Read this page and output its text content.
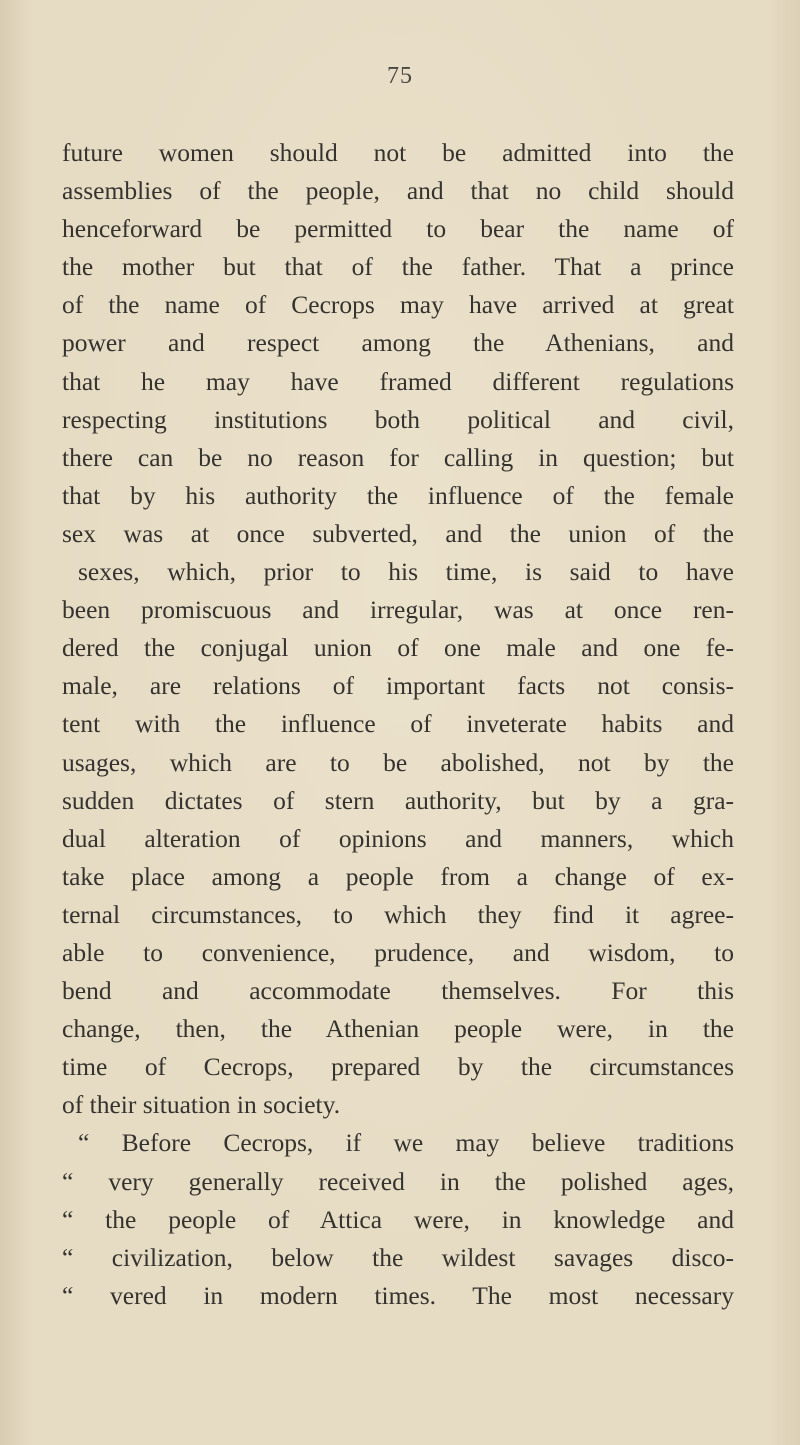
75
future women should not be admitted into the
assemblies of the people, and that no child should
henceforward be permitted to bear the name of
the mother but that of the father. That a prince
of the name of Cecrops may have arrived at great
power and respect among the Athenians, and
that he may have framed different regulations
respecting institutions both political and civil,
there can be no reason for calling in question; but
that by his authority the influence of the female
sex was at once subverted, and the union of the
sexes, which, prior to his time, is said to have
been promiscuous and irregular, was at once ren-
dered the conjugal union of one male and one fe-
male, are relations of important facts not consis-
tent with the influence of inveterate habits and
usages, which are to be abolished, not by the
sudden dictates of stern authority, but by a gra-
dual alteration of opinions and manners, which
take place among a people from a change of ex-
ternal circumstances, to which they find it agree-
able to convenience, prudence, and wisdom, to
bend and accommodate themselves. For this
change, then, the Athenian people were, in the
time of Cecrops, prepared by the circumstances
of their situation in society.
“ Before Cecrops, if we may believe traditions
“ very generally received in the polished ages,
“ the people of Attica were, in knowledge and
“ civilization, below the wildest savages disco-
“ vered in modern times. The most necessary
